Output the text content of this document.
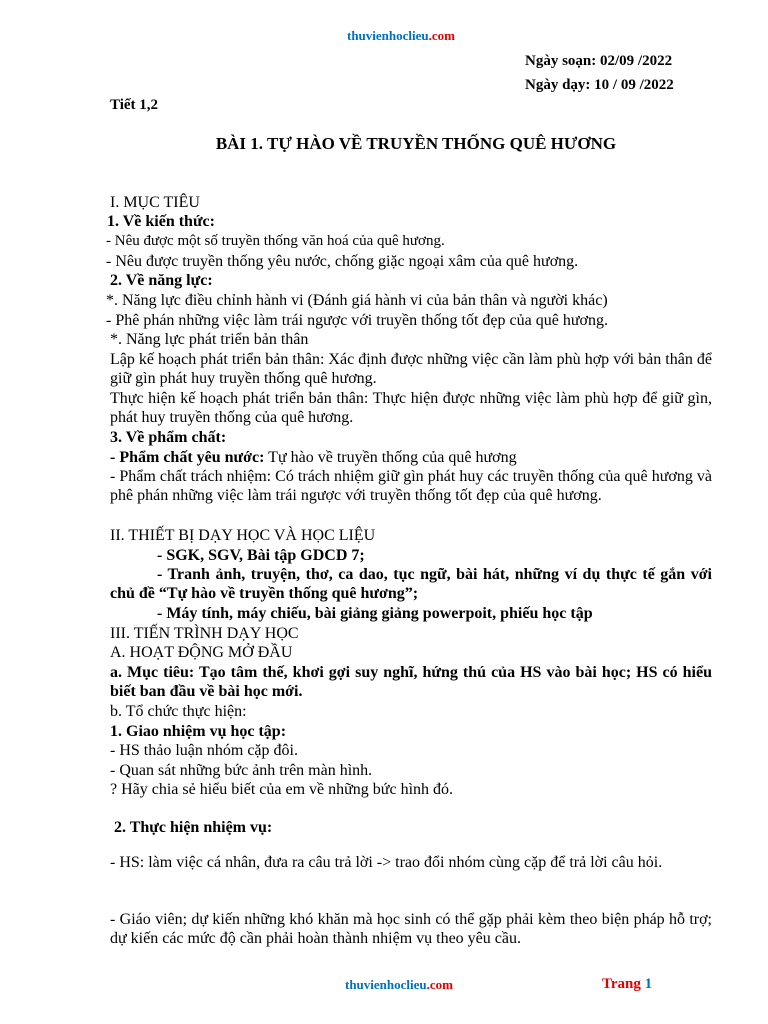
thuvienhoclieu.com
Ngày soạn: 02/09 /2022
Ngày dạy: 10 / 09 /2022
Tiết 1,2
BÀI 1. TỰ HÀO VỀ TRUYỀN THỐNG QUÊ HƯƠNG
I. MỤC TIÊU
1. Về kiến thức:
- Nêu được một số truyền thống văn hoá của quê hương.
- Nêu được truyền thống yêu nước, chống giặc ngoại xâm của quê hương.
2. Về năng lực:
*. Năng lực điều chỉnh hành vi (Đánh giá hành vi của bản thân và người khác)
- Phê phán những việc làm trái ngược với truyền thống tốt đẹp của quê hương.
*. Năng lực phát triển bản thân
Lập kế hoạch phát triển bản thân: Xác định được những việc cần làm phù hợp với bản thân để giữ gìn phát huy truyền thống quê hương.
Thực hiện kế hoạch phát triển bản thân: Thực hiện được những việc làm phù hợp để giữ gìn, phát huy truyền thống của quê hương.
3. Về phẩm chất:
- Phẩm chất yêu nước: Tự hào về truyền thống của quê hương
- Phẩm chất trách nhiệm: Có trách nhiệm giữ gìn phát huy các truyền thống của quê hương và phê phán những việc làm trái ngược với truyền thống tốt đẹp của quê hương.
II. THIẾT BỊ DẠY HỌC VÀ HỌC LIỆU
- SGK, SGV, Bài tập GDCD 7;
- Tranh ảnh, truyện, thơ, ca dao, tục ngữ, bài hát, những ví dụ thực tế gắn với chủ đề “Tự hào về truyền thống quê hương”;
- Máy tính, máy chiếu, bài giảng giảng powerpoit, phiếu học tập
III. TIẾN TRÌNH DẠY HỌC
A. HOẠT ĐỘNG MỞ ĐẦU
a. Mục tiêu: Tạo tâm thế, khơi gợi suy nghĩ, hứng thú của HS vào bài học; HS có hiểu biết ban đầu về bài học mới.
b. Tổ chức thực hiện:
1. Giao nhiệm vụ học tập:
- HS thảo luận nhóm cặp đôi.
- Quan sát những bức ảnh trên màn hình.
? Hãy chia sẻ hiểu biết của em về những bức hình đó.
2. Thực hiện nhiệm vụ:
- HS: làm việc cá nhân, đưa ra câu trả lời -> trao đổi nhóm cùng cặp để trả lời câu hỏi.
- Giáo viên; dự kiến những khó khăn mà học sinh có thể gặp phải kèm theo biện pháp hỗ trợ; dự kiến các mức độ cần phải hoàn thành nhiệm vụ theo yêu cầu.
thuvienhoclieu.com	Trang 1
